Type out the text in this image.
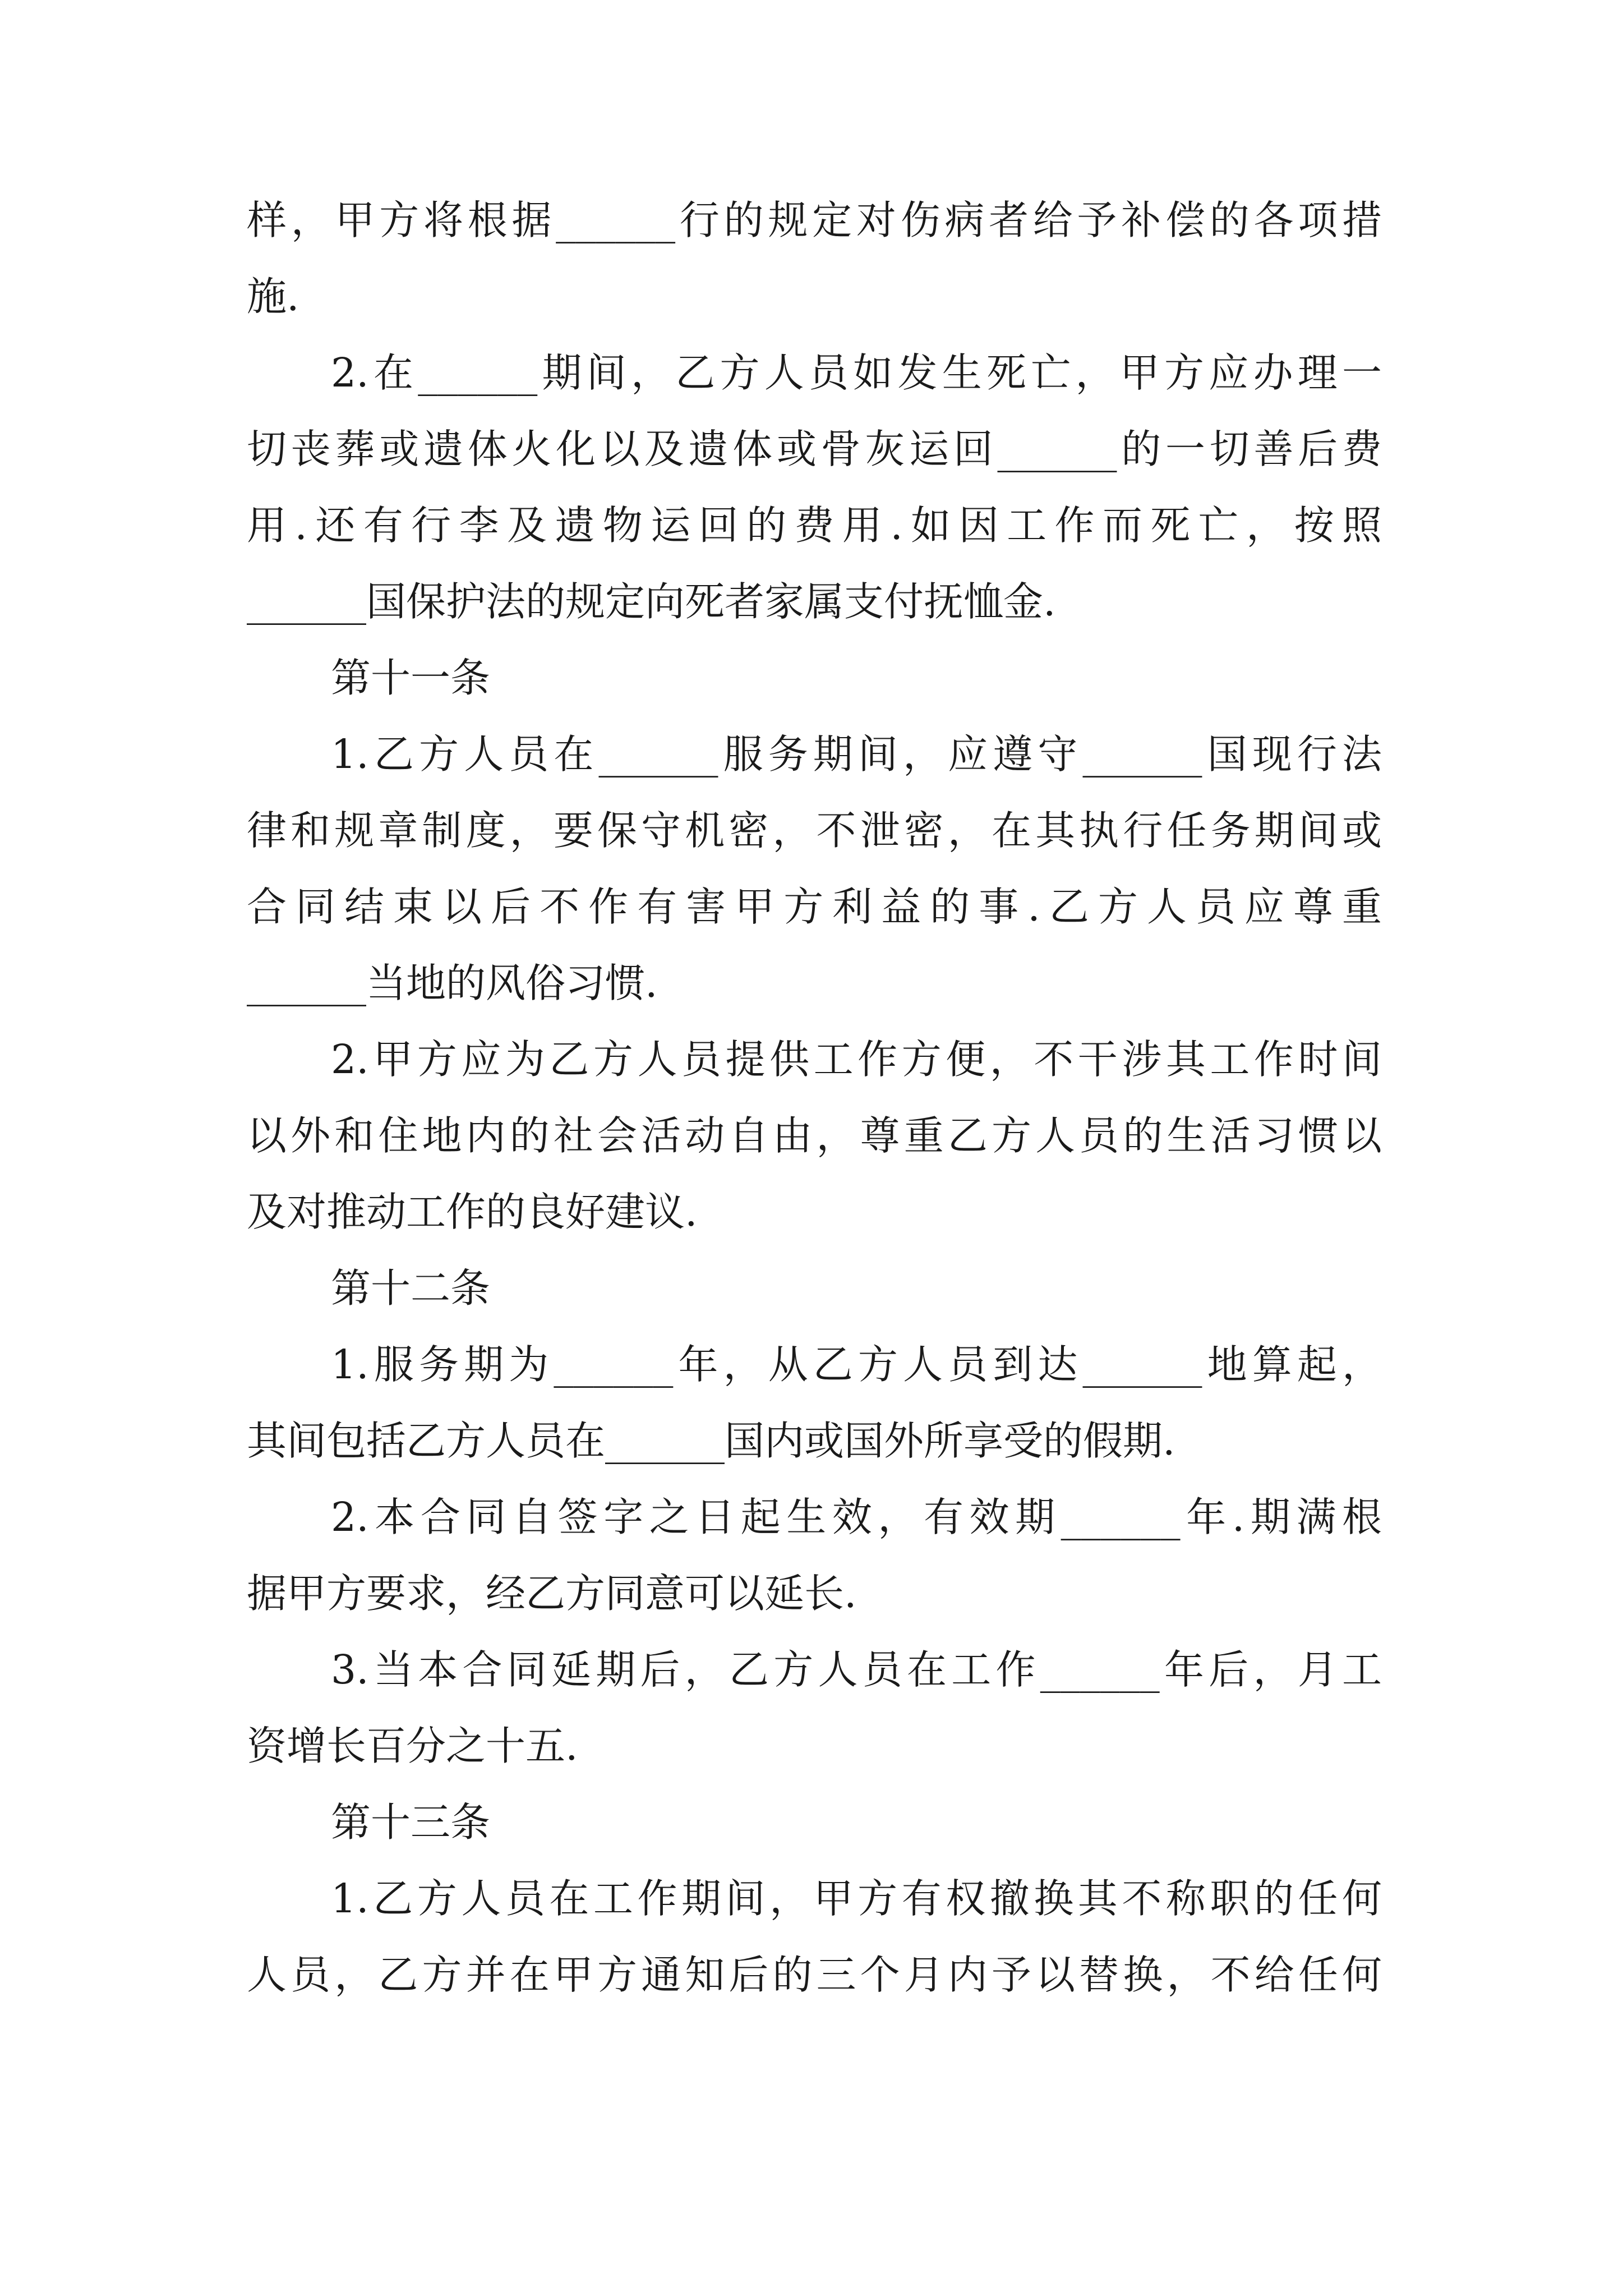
样，甲方将根据______行的规定对伤病者给予补偿的各项措
施.
2.在______期间，乙方人员如发生死亡，甲方应办理一
切丧葬或遗体火化以及遗体或骨灰运回______的一切善后费
用.还有行李及遗物运回的费用.如因工作而死亡，按照
______国保护法的规定向死者家属支付抚恤金.
第十一条
1.乙方人员在______服务期间，应遵守______国现行法
律和规章制度，要保守机密，不泄密，在其执行任务期间或
合同结束以后不作有害甲方利益的事.乙方人员应尊重
______当地的风俗习惯.
2.甲方应为乙方人员提供工作方便，不干涉其工作时间
以外和住地内的社会活动自由，尊重乙方人员的生活习惯以
及对推动工作的良好建议.
第十二条
1.服务期为______年，从乙方人员到达______地算起，
其间包括乙方人员在______国内或国外所享受的假期.
2.本合同自签字之日起生效，有效期______年.期满根
据甲方要求，经乙方同意可以延长.
3.当本合同延期后，乙方人员在工作______年后，月工
资增长百分之十五.
第十三条
1.乙方人员在工作期间，甲方有权撤换其不称职的任何
人员，乙方并在甲方通知后的三个月内予以替换，不给任何
